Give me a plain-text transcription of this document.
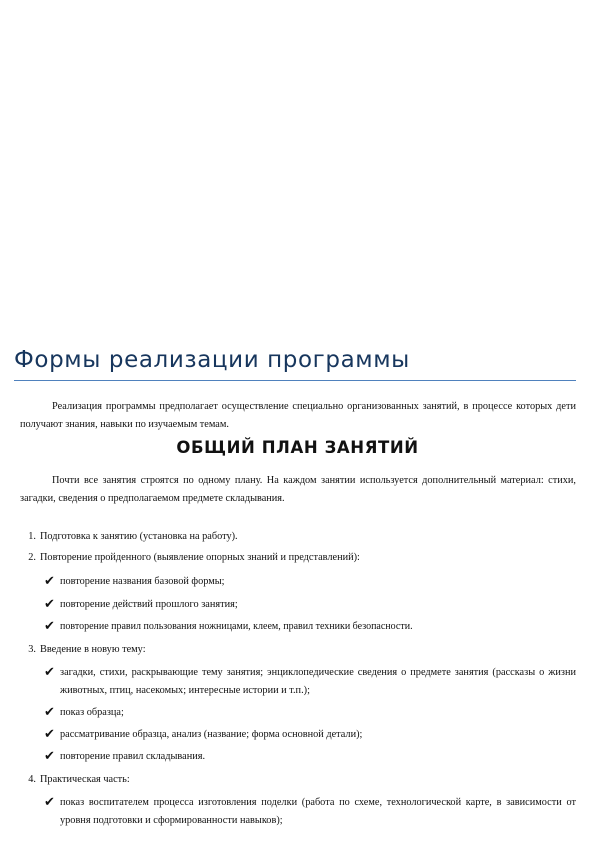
Формы реализации программы
Реализация программы предполагает осуществление специально организованных занятий, в процессе которых дети получают знания, навыки по изучаемым темам.
ОБЩИЙ ПЛАН ЗАНЯТИЙ
Почти все занятия строятся по одному плану. На каждом занятии используется дополнительный материал: стихи, загадки, сведения о предполагаемом предмете складывания.
1. Подготовка к занятию (установка на работу).
2. Повторение пройденного (выявление опорных знаний и представлений):
✔ повторение названия базовой формы;
✔ повторение действий прошлого занятия;
✔ повторение правил пользования ножницами, клеем, правил техники безопасности.
3. Введение в новую тему:
✔ загадки, стихи, раскрывающие тему занятия; энциклопедические сведения о предмете занятия (рассказы о жизни животных, птиц, насекомых; интересные истории и т.п.);
✔ показ образца;
✔ рассматривание образца, анализ (название; форма основной детали);
✔ повторение правил складывания.
4. Практическая часть:
✔ показ воспитателем процесса изготовления поделки (работа по схеме, технологической карте, в зависимости от уровня подготовки и сформированности навыков);
